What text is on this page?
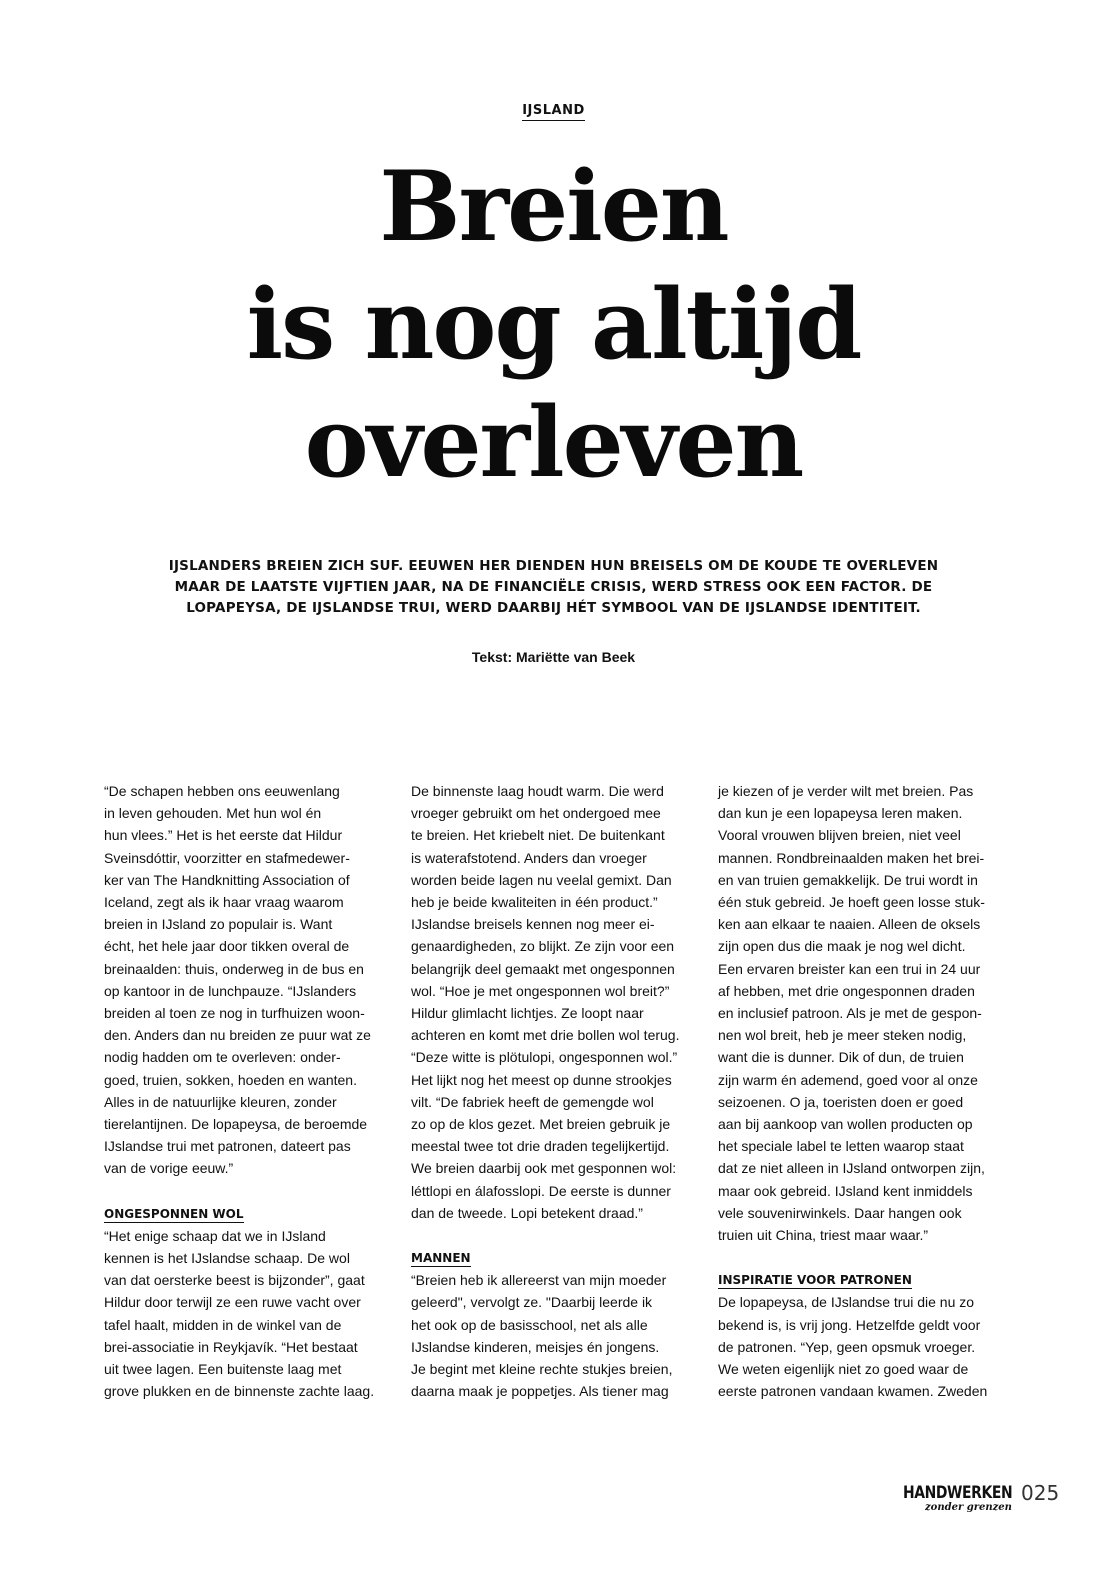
IJSLAND
Breien
is nog altijd
overleven
IJSLANDERS BREIEN ZICH SUF. EEUWEN HER DIENDEN HUN BREISELS OM DE KOUDE TE OVERLEVEN
MAAR DE LAATSTE VIJFTIEN JAAR, NA DE FINANCIËLE CRISIS, WERD STRESS OOK EEN FACTOR. DE
LOPAPEYSA, DE IJSLANDSE TRUI, WERD DAARBIJ HÉT SYMBOOL VAN DE IJSLANDSE IDENTITEIT.
Tekst: Mariëtte van Beek
“De schapen hebben ons eeuwenlang
in leven gehouden. Met hun wol én
hun vlees.” Het is het eerste dat Hildur
Sveinsdóttir, voorzitter en stafmedewer-
ker van The Handknitting Association of
Iceland, zegt als ik haar vraag waarom
breien in IJsland zo populair is. Want
écht, het hele jaar door tikken overal de
breinaalden: thuis, onderweg in de bus en
op kantoor in de lunchpauze. “IJslanders
breiden al toen ze nog in turfhuizen woon-
den. Anders dan nu breiden ze puur wat ze
nodig hadden om te overleven: onder-
goed, truien, sokken, hoeden en wanten.
Alles in de natuurlijke kleuren, zonder
tierelantijnen. De lopapeysa, de beroemde
IJslandse trui met patronen, dateert pas
van de vorige eeuw.”
ONGESPONNEN WOL
“Het enige schaap dat we in IJsland
kennen is het IJslandse schaap. De wol
van dat oersterke beest is bijzonder”, gaat
Hildur door terwijl ze een ruwe vacht over
tafel haalt, midden in de winkel van de
brei-associatie in Reykjavík. “Het bestaat
uit twee lagen. Een buitenste laag met
grove plukken en de binnenste zachte laag.
De binnenste laag houdt warm. Die werd
vroeger gebruikt om het ondergoed mee
te breien. Het kriebelt niet. De buitenkant
is waterafstotend. Anders dan vroeger
worden beide lagen nu veelal gemixt. Dan
heb je beide kwaliteiten in één product.”
IJslandse breisels kennen nog meer ei-
genaardigheden, zo blijkt. Ze zijn voor een
belangrijk deel gemaakt met ongesponnen
wol. “Hoe je met ongesponnen wol breit?”
Hildur glimlacht lichtjes. Ze loopt naar
achteren en komt met drie bollen wol terug.
“Deze witte is plötulopi, ongesponnen wol.”
Het lijkt nog het meest op dunne strookjes
vilt. “De fabriek heeft de gemengde wol
zo op de klos gezet. Met breien gebruik je
meestal twee tot drie draden tegelijkertijd.
We breien daarbij ook met gesponnen wol:
léttlopi en álafosslopi. De eerste is dunner
dan de tweede. Lopi betekent draad.”
MANNEN
“Breien heb ik allereerst van mijn moeder
geleerd", vervolgt ze. "Daarbij leerde ik
het ook op de basisschool, net als alle
IJslandse kinderen, meisjes én jongens.
Je begint met kleine rechte stukjes breien,
daarna maak je poppetjes. Als tiener mag
je kiezen of je verder wilt met breien. Pas
dan kun je een lopapeysa leren maken.
Vooral vrouwen blijven breien, niet veel
mannen. Rondbreinaalden maken het brei-
en van truien gemakkelijk. De trui wordt in
één stuk gebreid. Je hoeft geen losse stuk-
ken aan elkaar te naaien. Alleen de oksels
zijn open dus die maak je nog wel dicht.
Een ervaren breister kan een trui in 24 uur
af hebben, met drie ongesponnen draden
en inclusief patroon. Als je met de gespon-
nen wol breit, heb je meer steken nodig,
want die is dunner. Dik of dun, de truien
zijn warm én ademend, goed voor al onze
seizoenen. O ja, toeristen doen er goed
aan bij aankoop van wollen producten op
het speciale label te letten waarop staat
dat ze niet alleen in IJsland ontworpen zijn,
maar ook gebreid. IJsland kent inmiddels
vele souvenirwinkels. Daar hangen ook
truien uit China, triest maar waar.”
INSPIRATIE VOOR PATRONEN
De lopapeysa, de IJslandse trui die nu zo
bekend is, is vrij jong. Hetzelfde geldt voor
de patronen. “Yep, geen opsmuk vroeger.
We weten eigenlijk niet zo goed waar de
eerste patronen vandaan kwamen. Zweden
HANDWERKEN 025
zonder grenzen
